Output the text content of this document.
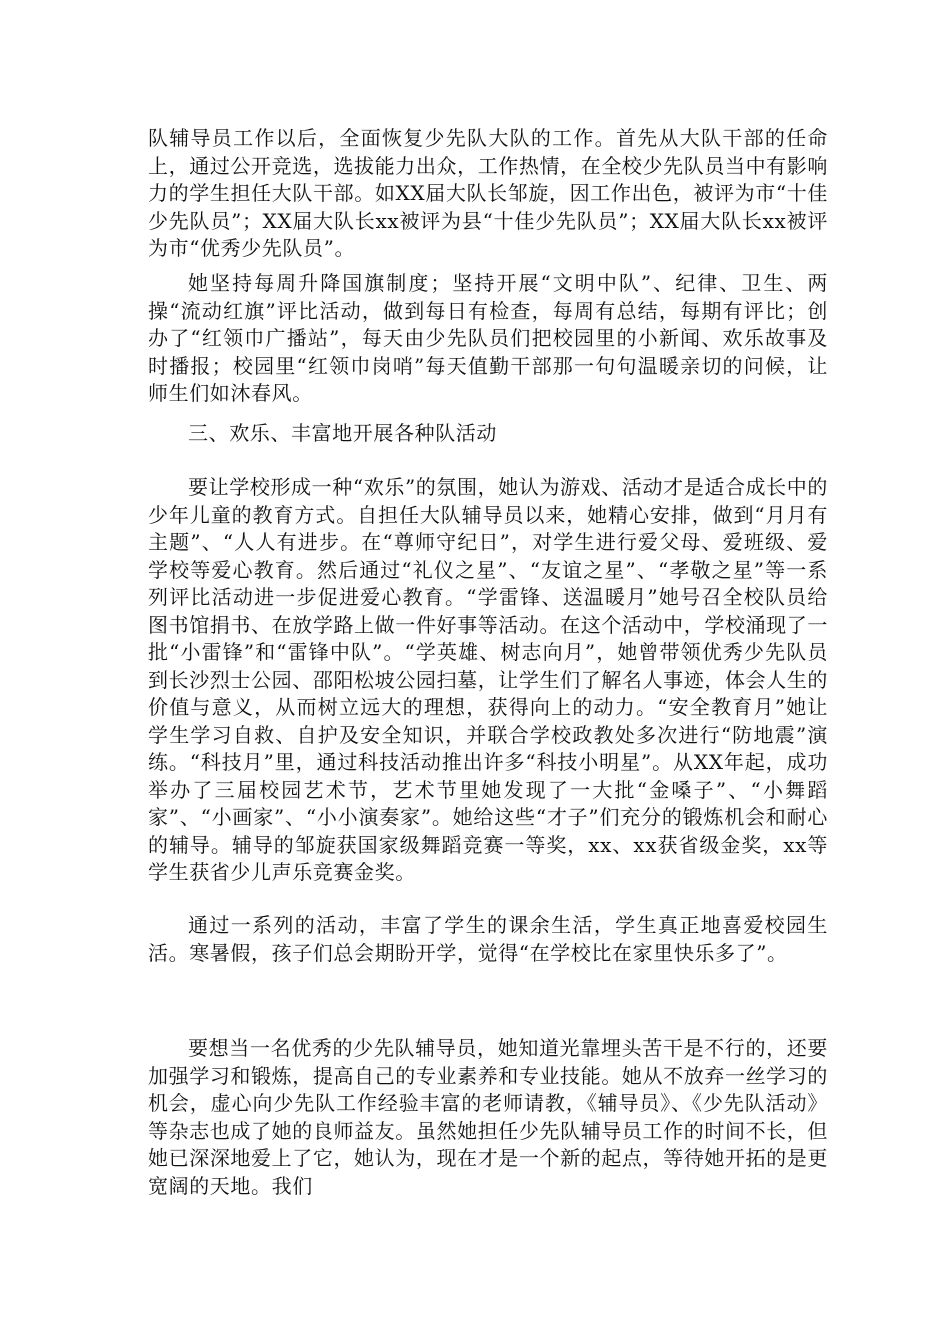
队辅导员工作以后，全面恢复少先队大队的工作。首先从大队干部的任命上，通过公开竞选，选拔能力出众，工作热情，在全校少先队员当中有影响力的学生担任大队干部。如XX届大队长邹旋，因工作出色，被评为市“十佳少先队员”；XX届大队长xx被评为县“十佳少先队员”；XX届大队长xx被评为市“优秀少先队员”。

她坚持每周升降国旗制度；坚持开展“文明中队”、纪律、卫生、两操“流动红旗”评比活动，做到每日有检查，每周有总结，每期有评比；创办了“红领巾广播站”，每天由少先队员们把校园里的小新闻、欢乐故事及时播报；校园里“红领巾岗哨”每天值勤干部那一句句温暖亲切的问候，让师生们如沐春风。

三、欢乐、丰富地开展各种队活动

要让学校形成一种“欢乐”的氛围，她认为游戏、活动才是适合成长中的少年儿童的教育方式。自担任大队辅导员以来，她精心安排，做到“月月有主题”、“人人有进步。在“尊师守纪日”，对学生进行爱父母、爱班级、爱学校等爱心教育。然后通过“礼仪之星”、“友谊之星”、“孝敬之星”等一系列评比活动进一步促进爱心教育。“学雷锋、送温暖月”她号召全校队员给图书馆捐书、在放学路上做一件好事等活动。在这个活动中，学校涌现了一批“小雷锋”和“雷锋中队”。“学英雄、树志向月”，她曾带领优秀少先队员到长沙烈士公园、邵阳松坡公园扫墓，让学生们了解名人事迹，体会人生的价值与意义，从而树立远大的理想，获得向上的动力。“安全教育月”她让学生学习自救、自护及安全知识，并联合学校政教处多次进行“防地震”演练。“科技月”里，通过科技活动推出许多“科技小明星”。从XX年起，成功举办了三届校园艺术节，艺术节里她发现了一大批“金嗓子”、“小舞蹈家”、“小画家”、“小小演奏家”。她给这些“才子”们充分的锻炼机会和耐心的辅导。辅导的邹旋获国家级舞蹈竞赛一等奖，xx、xx获省级金奖，xx等学生获省少儿声乐竞赛金奖。

通过一系列的活动，丰富了学生的课余生活，学生真正地喜爱校园生活。寒暑假，孩子们总会期盼开学，觉得“在学校比在家里快乐多了”。

要想当一名优秀的少先队辅导员，她知道光靠埋头苦干是不行的，还要加强学习和锻炼，提高自己的专业素养和专业技能。她从不放弃一丝学习的机会，虚心向少先队工作经验丰富的老师请教，《辅导员》、《少先队活动》等杂志也成了她的良师益友。虽然她担任少先队辅导员工作的时间不长，但她已深深地爱上了它，她认为，现在才是一个新的起点，等待她开拓的是更宽阔的天地。我们
